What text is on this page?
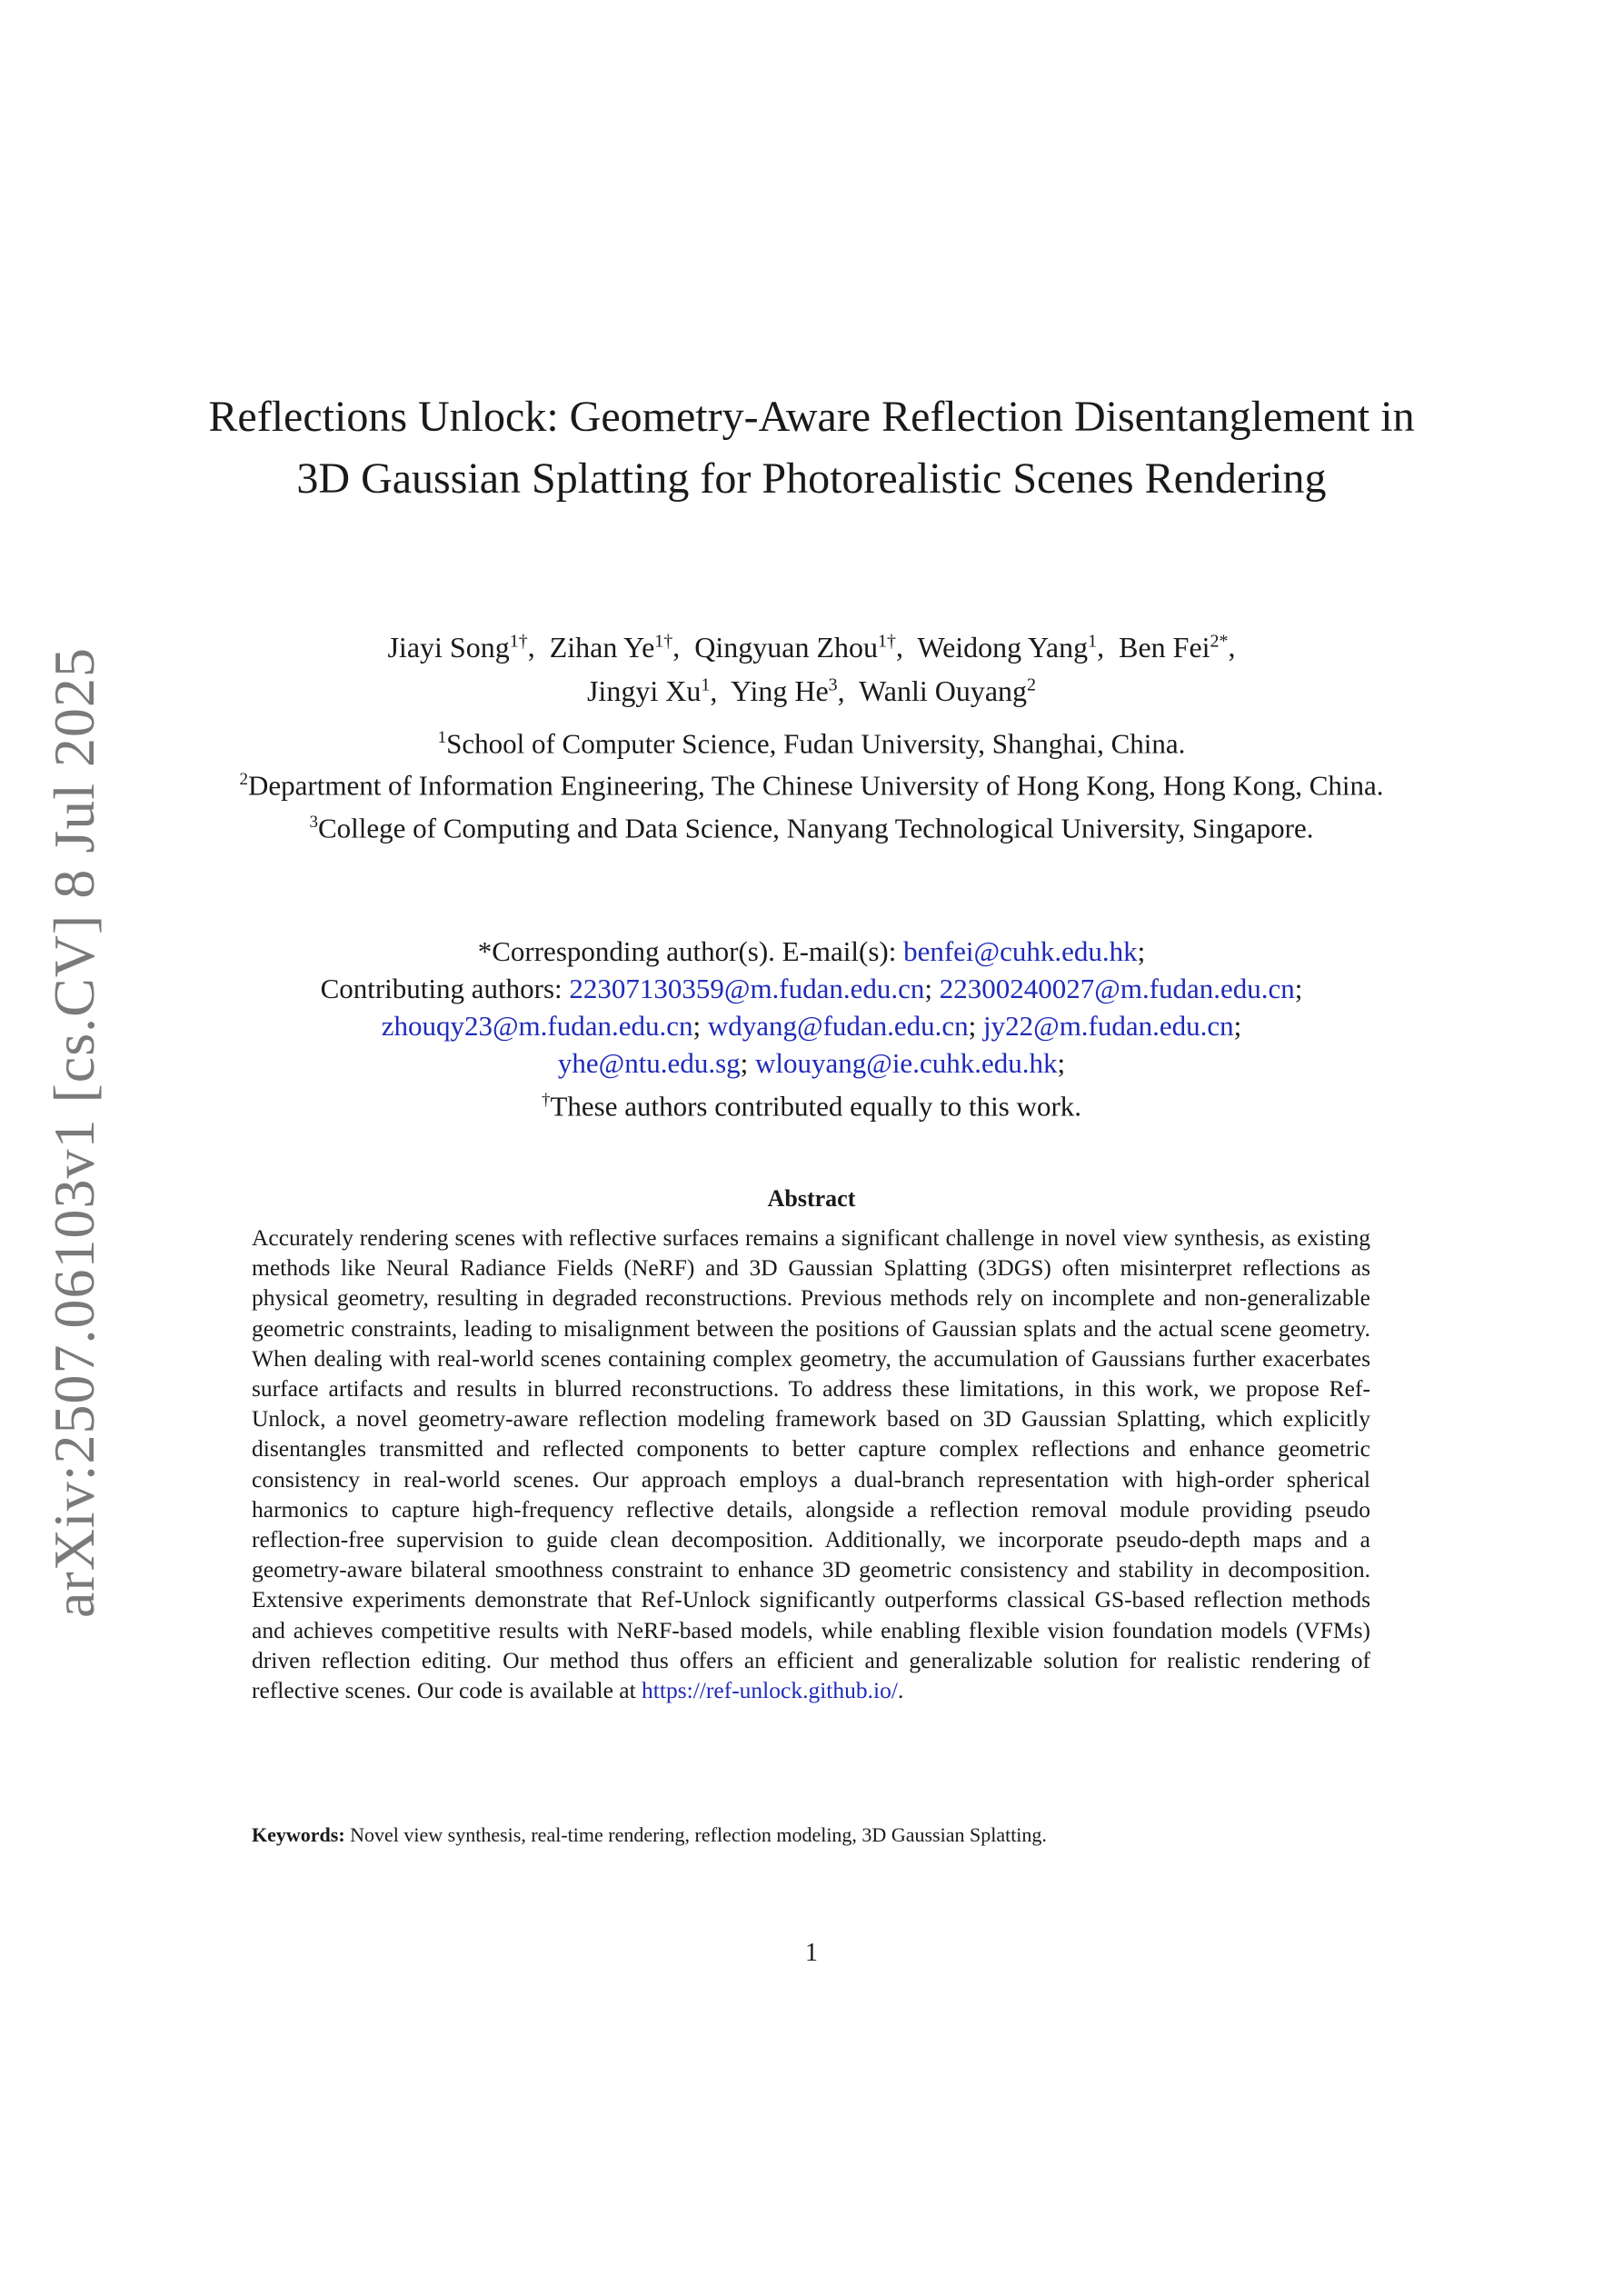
arXiv:2507.06103v1 [cs.CV] 8 Jul 2025
Reflections Unlock: Geometry-Aware Reflection Disentanglement in 3D Gaussian Splatting for Photorealistic Scenes Rendering
Jiayi Song$^{1\dagger}$,  Zihan $Ye^{1\dagger}$,  Qingyuan Zhou$^{1\dagger}$,  Weidong Yang$^1$,  Ben Fei$^{2*}$,
Jingyi Xu$^1$,  Ying He$^3$,  Wanli Ouyang$^2$
$^1$School of Computer Science, Fudan University, Shanghai, China.
$^2$Department of Information Engineering, The Chinese University of Hong Kong, Hong Kong, China.
$^3$College of Computing and Data Science, Nanyang Technological University, Singapore.
*Corresponding author(s). E-mail(s): benfei@cuhk.edu.hk;
Contributing authors: 22307130359@m.fudan.edu.cn; 22300240027@m.fudan.edu.cn;
zhouqy23@m.fudan.edu.cn; wdyang@fudan.edu.cn; jy22@m.fudan.edu.cn;
yhe@ntu.edu.sg; wlouyang@ie.cuhk.edu.hk;
†These authors contributed equally to this work.
Abstract
Accurately rendering scenes with reflective surfaces remains a significant challenge in novel view synthesis, as existing methods like Neural Radiance Fields (NeRF) and 3D Gaussian Splatting (3DGS) often misinterpret reflections as physical geometry, resulting in degraded reconstructions. Previous methods rely on incomplete and non-generalizable geometric constraints, leading to misalignment between the positions of Gaussian splats and the actual scene geometry. When dealing with real-world scenes containing complex geometry, the accumulation of Gaussians further exacerbates surface artifacts and results in blurred reconstructions. To address these limitations, in this work, we propose Ref-Unlock, a novel geometry-aware reflection modeling framework based on 3D Gaussian Splatting, which explicitly disentangles transmitted and reflected components to better capture complex reflections and enhance geometric consistency in real-world scenes. Our approach employs a dual-branch representation with high-order spherical harmonics to capture high-frequency reflective details, alongside a reflection removal module providing pseudo reflection-free supervision to guide clean decomposition. Additionally, we incorporate pseudo-depth maps and a geometry-aware bilateral smoothness constraint to enhance 3D geometric consistency and stability in decomposition. Extensive experiments demonstrate that Ref-Unlock significantly outperforms classical GS-based reflection methods and achieves competitive results with NeRF-based models, while enabling flexible vision foundation models (VFMs) driven reflection editing. Our method thus offers an efficient and generalizable solution for realistic rendering of reflective scenes. Our code is available at https://ref-unlock.github.io/.
Keywords: Novel view synthesis, real-time rendering, reflection modeling, 3D Gaussian Splatting.
1
